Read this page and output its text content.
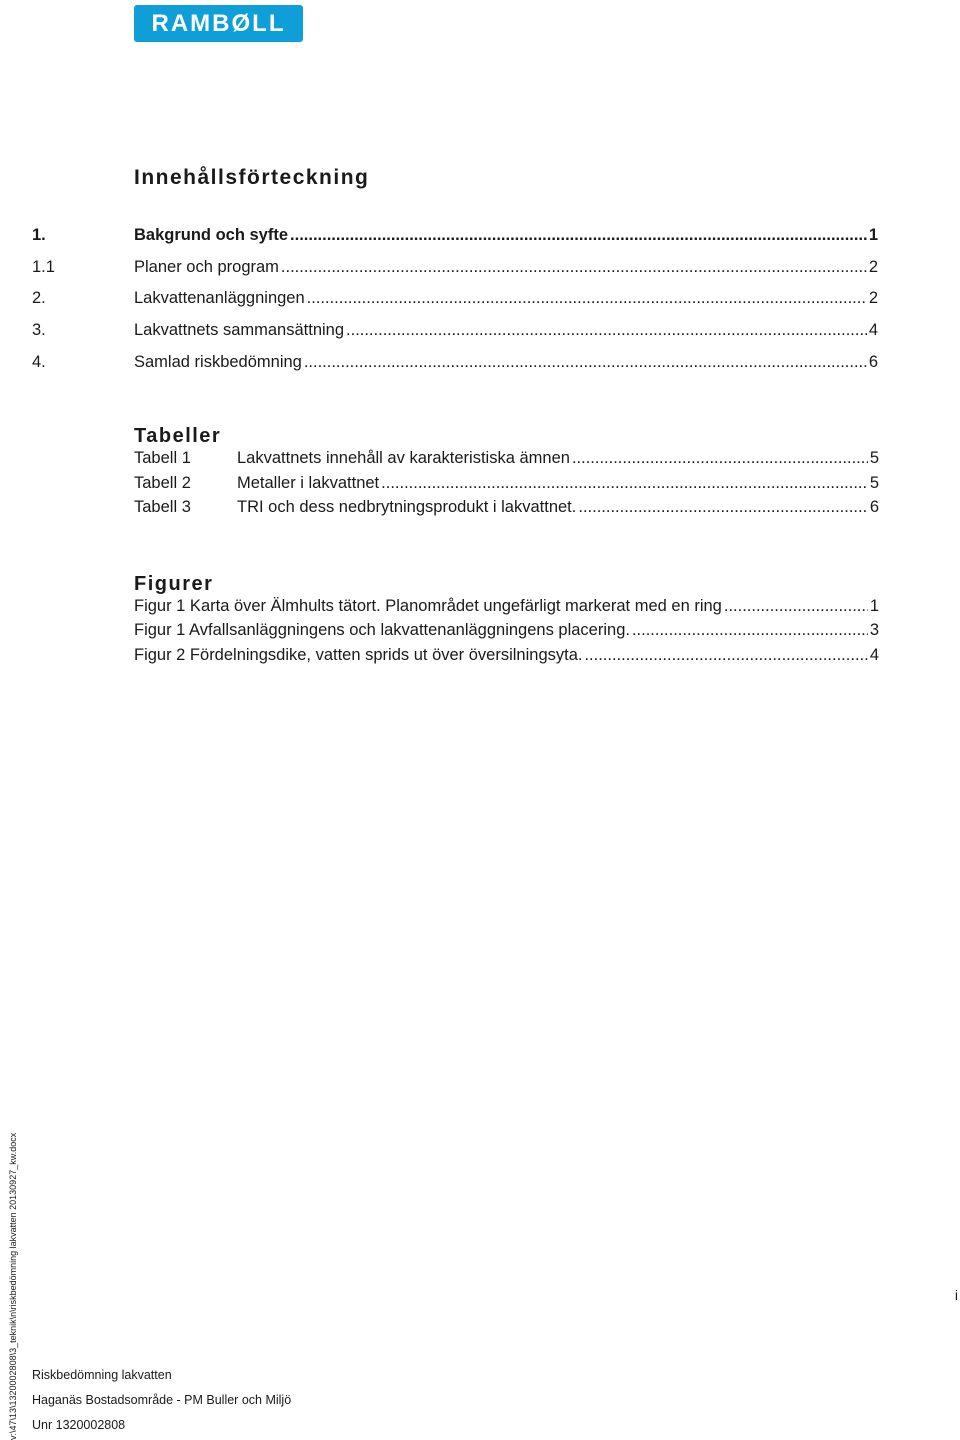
RAMBØLL
Innehållsförteckning
1.	Bakgrund och syfte .....	1
1.1	Planer och program .....	2
2.	Lakvattenanläggningen .....	2
3.	Lakvattnets sammansättning .....	4
4.	Samlad riskbedömning .....	6
Tabeller
Tabell 1	Lakvattnets innehåll av karakteristiska ämnen .....	5
Tabell 2	Metaller i lakvattnet .....	5
Tabell 3	TRI och dess nedbrytningsprodukt i lakvattnet. .....	6
Figurer
Figur 1 Karta över Älmhults tätort. Planområdet ungefärligt markerat med en ring .....	1
Figur 1 Avfallsanläggningens och lakvattenanläggningens placering. .....	3
Figur 2 Fördelningsdike, vatten sprids ut över översilningsyta. .....	4
v:\47\13\1320002808\3_teknik\n\riskbedömning lakvatten 20130927_kw.docx	i
Riskbedömning lakvatten
Haganäs Bostadsområde - PM Buller och Miljö
Unr 1320002808
